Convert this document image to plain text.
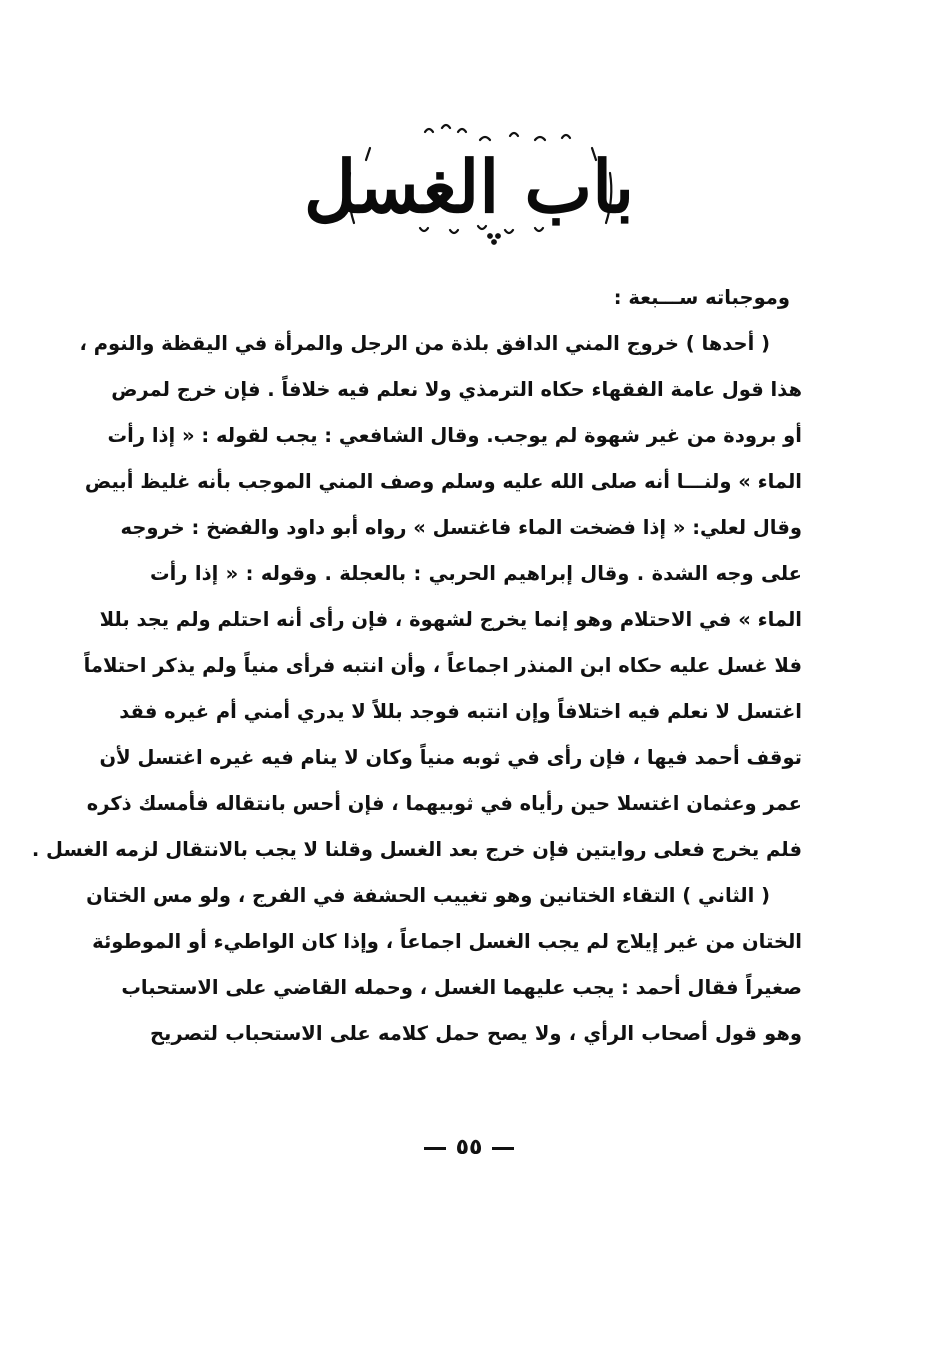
باب الغسل
وموجباته ســـبعة :
( أحدها ) خروج المني الدافق بلذة من الرجل والمرأة في اليقظة والنوم ،
هذا قول عامة الفقهاء حكاه الترمذي ولا نعلم فيه خلافاً . فإن خرج لمرض
أو برودة من غير شهوة لم يوجب. وقال الشافعي : يجب لقوله : « إذا رأت
الماء » ولنـــا أنه صلى الله عليه وسلم وصف المني الموجب بأنه غليظ أبيض
وقال لعلي: « إذا فضخت الماء فاغتسل » رواه أبو داود والفضخ : خروجه
على وجه الشدة . وقال إبراهيم الحربي : بالعجلة . وقوله : « إذا رأت
الماء » في الاحتلام وهو إنما يخرج لشهوة ، فإن رأى أنه احتلم ولم يجد بللا
فلا غسل عليه حكاه ابن المنذر اجماعاً ، وأن انتبه فرأى منياً ولم يذكر احتلاماً
اغتسل لا نعلم فيه اختلافاً وإن انتبه فوجد بللاً لا يدري أمني أم غيره فقد
توقف أحمد فيها ، فإن رأى في ثوبه منياً وكان لا ينام فيه غيره اغتسل لأن
عمر وعثمان اغتسلا حين رأياه في ثوبيهما ، فإن أحس بانتقاله فأمسك ذكره
فلم يخرج فعلى روايتين فإن خرج بعد الغسل وقلنا لا يجب بالانتقال لزمه الغسل .
( الثاني ) التقاء الختانين وهو تغييب الحشفة في الفرج ، ولو مس الختان
الختان من غير إيلاج لم يجب الغسل اجماعاً ، وإذا كان الواطيء أو الموطوئة
صغيراً فقال أحمد : يجب عليهما الغسل ، وحمله القاضي على الاستحباب
وهو قول أصحاب الرأي ، ولا يصح حمل كلامه على الاستحباب لتصريح
٥٥
